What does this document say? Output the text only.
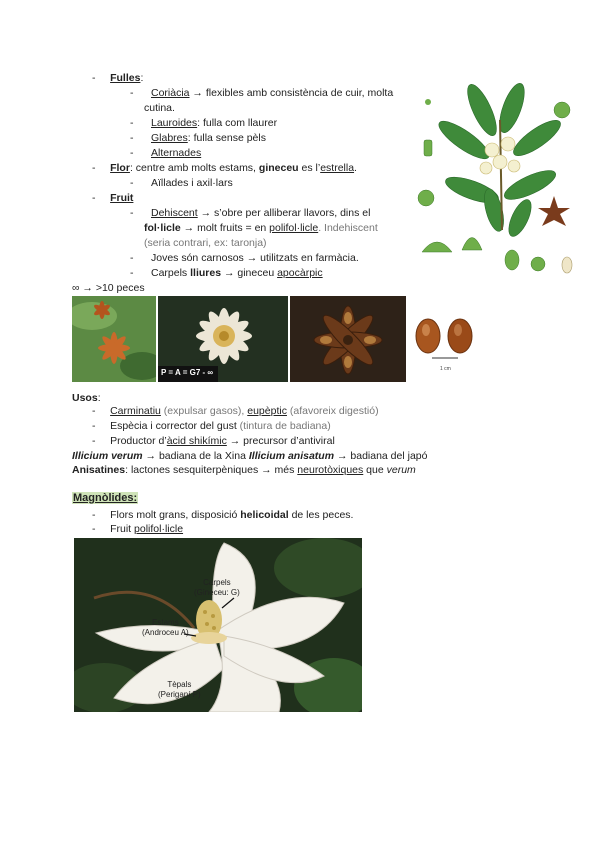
-     Fulles:
-      Coriàcia → flexibles amb consistència de cuir, molta
cutina.
-      Lauroides: fulla com llaurer
-      Glabres: fulla sense pèls
-      Alternades
-     Flor: centre amb molts estams, gineceu es l’estrella.
-      Aïllades i axil·lars
-     Fruit
-      Dehiscent → s’obre per alliberar llavors, dins el
fol·licle → molt fruits = en polifol·licle. Indehiscent
(seria contrari, ex: taronja)
-      Joves són carnosos → utilitzats en farmàcia.
-      Carpels lliures → gineceu apocàrpic
∞ → >10 peces
P = A = G7 - ∞	1 cm
Usos:
-     Carminatiu (expulsar gasos), eupèptic (afavoreix digestió)
-     Espècia i corrector del gust (tintura de badiana)
-     Productor d’àcid shikímic → precursor d’antiviral
Illicium verum → badiana de la Xina Illicium anisatum → badiana del japó
Anisatines: lactones sesquiterpèniques → més neurotòxiques que verum
Magnòlides:
-     Flors molt grans, disposició helicoidal de les peces.
-     Fruit polifol·licle
Carpels
(Gineceu: G)
Estams
(Androceu A)
Tèpals
(Periganí P)
